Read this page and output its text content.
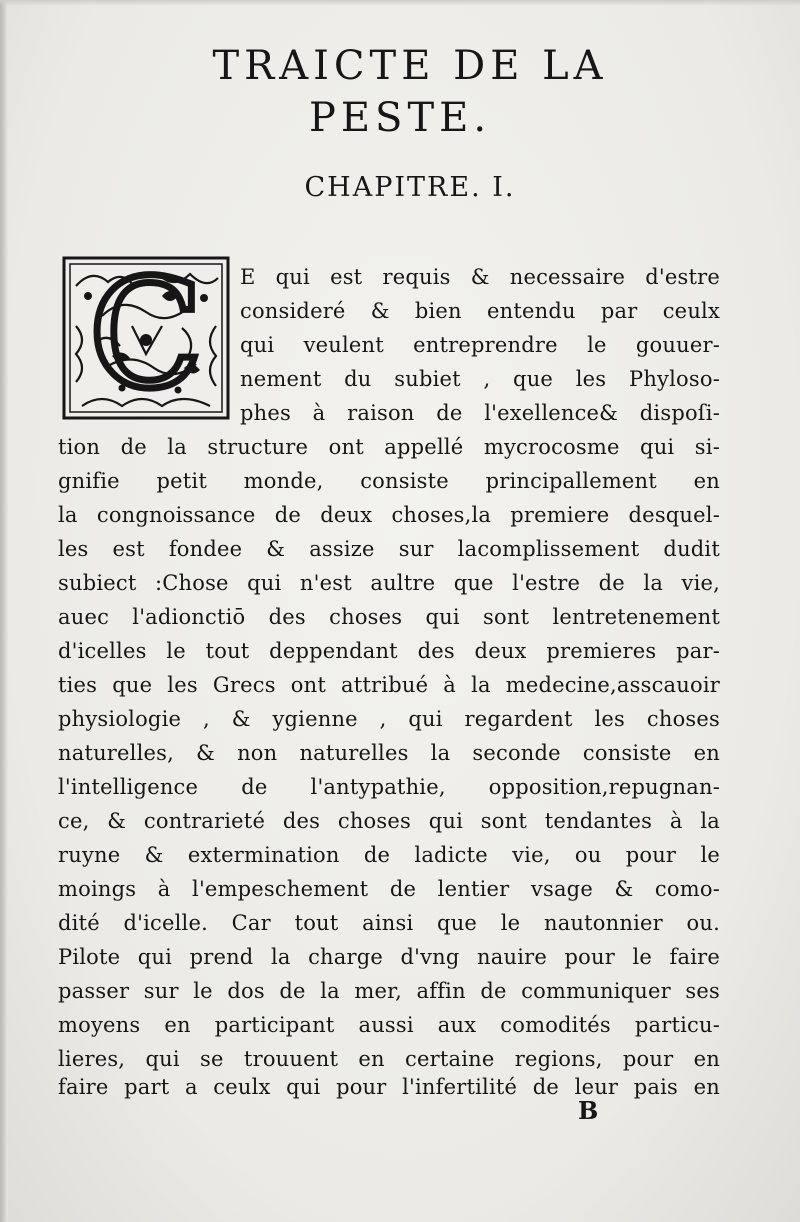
TRAICTE DE LA
PESTE.
CHAPITRE. I.
C E qui est requis & necessaire d'estre
consideré & bien entendu par ceulx
qui veulent entreprendre le gouuer-
nement du subiet , que les Phyloso-
phes à raison de l'exellence& dispoſi-
tion de la structure ont appellé mycrocosme qui si-
gnifie petit monde, consiste principallement en
la congnoissance de deux choses,la premiere desquel-
les est fondee & assize sur lacomplissement dudit
subiect :Chose qui n'est aultre que l'estre de la vie,
auec l'adionctiō des choses qui sont lentretenement
d'icelles le tout deppendant des deux premieres par-
ties que les Grecs ont attribué à la medecine,asscauoir
physiologie , & ygienne , qui regardent les choses
naturelles, & non naturelles la seconde consiste en
l'intelligence de l'antypathie, opposition,repugnan-
ce, & contrarieté des choses qui sont tendantes à la
ruyne & extermination de ladicte vie, ou pour le
moings à l'empeschement de lentier vsage & como-
dité d'icelle. Car tout ainsi que le nautonnier ou.
Pilote qui prend la charge d'vng nauire pour le faire
passer sur le dos de la mer, affin de communiquer ses
moyens en participant aussi aux comodités particu-
lieres, qui se trouuent en certaine regions, pour en
faire part a ceulx qui pour l'infertilité de leur pais en
B
